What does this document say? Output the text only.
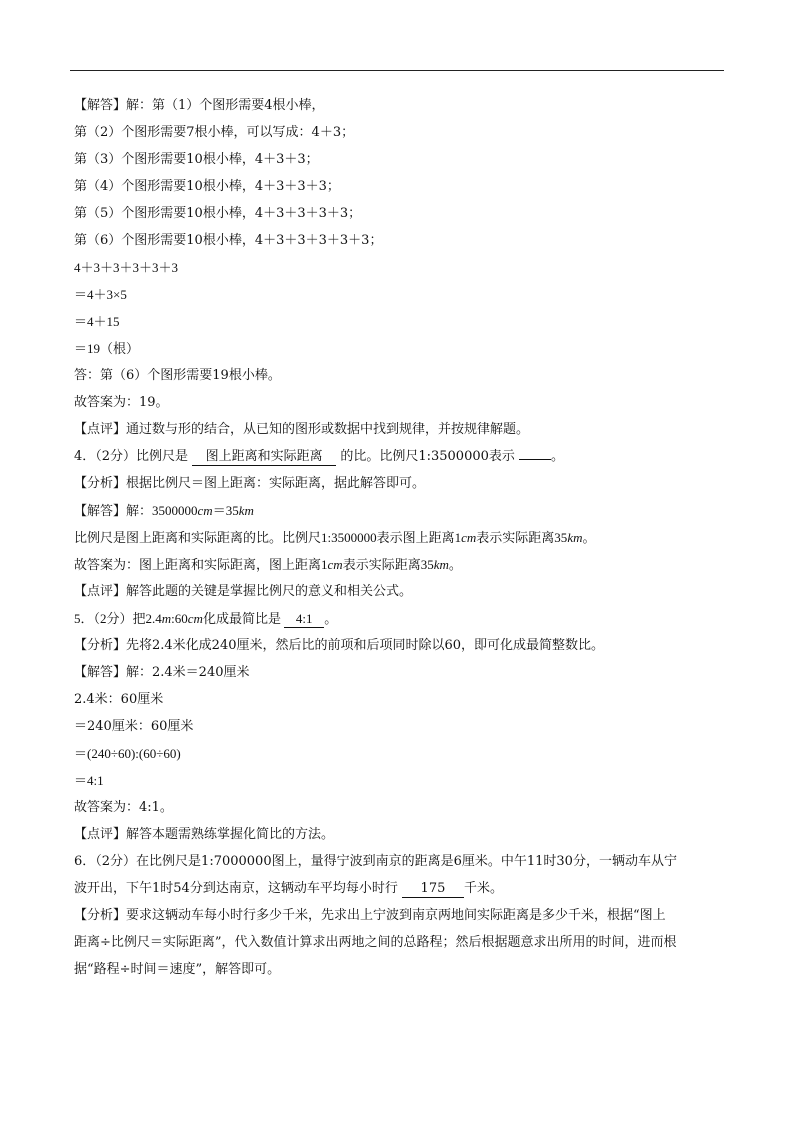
【解答】解：第（1）个图形需要4根小棒，
第（2）个图形需要7根小棒，可以写成：4＋3；
第（3）个图形需要10根小棒，4＋3＋3；
第（4）个图形需要10根小棒，4＋3＋3＋3；
第（5）个图形需要10根小棒，4＋3＋3＋3＋3；
第（6）个图形需要10根小棒，4＋3＋3＋3＋3＋3；
4＋3＋3＋3＋3＋3
＝4＋3×5
＝4＋15
＝19（根）
答：第（6）个图形需要19根小棒。
故答案为：19。
【点评】通过数与形的结合，从已知的图形或数据中找到规律，并按规律解题。
4．（2分）比例尺是 图上距离和实际距离 的比。比例尺1:3500000表示	。
【分析】根据比例尺＝图上距离：实际距离，据此解答即可。
【解答】解：3500000cm＝35km
比例尺是图上距离和实际距离的比。比例尺1:3500000表示图上距离1cm表示实际距离35km。
故答案为：图上距离和实际距离，图上距离1cm表示实际距离35km。
【点评】解答此题的关键是掌握比例尺的意义和相关公式。
5．（2分）把2.4m:60cm化成最简比是 4:1 。
【分析】先将2.4米化成240厘米，然后比的前项和后项同时除以60，即可化成最简整数比。
【解答】解：2.4米＝240厘米
2.4米：60厘米
＝240厘米：60厘米
＝(240÷60):(60÷60)
＝4:1
故答案为：4:1。
【点评】解答本题需熟练掌握化简比的方法。
6．（2分）在比例尺是1:7000000图上，量得宁波到南京的距离是6厘米。中午11时30分，一辆动车从宁
波开出，下午1时54分到达南京，这辆动车平均每小时行 175 千米。
【分析】要求这辆动车每小时行多少千米，先求出上宁波到南京两地间实际距离是多少千米，根据“图上
距离÷比例尺＝实际距离”，代入数值计算求出两地之间的总路程；然后根据题意求出所用的时间，进而根
据“路程÷时间＝速度”，解答即可。
